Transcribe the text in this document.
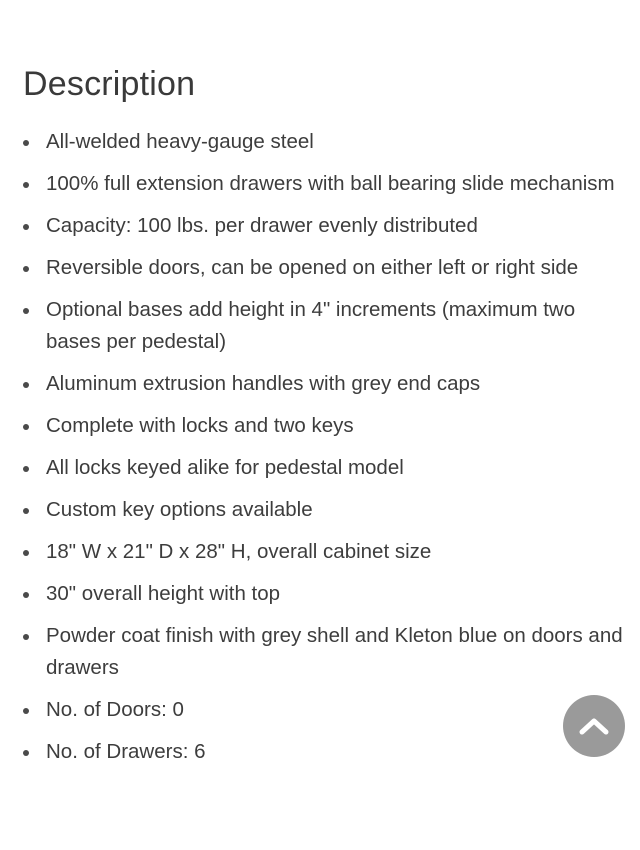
Description
All-welded heavy-gauge steel
100% full extension drawers with ball bearing slide mechanism
Capacity: 100 lbs. per drawer evenly distributed
Reversible doors, can be opened on either left or right side
Optional bases add height in 4" increments (maximum two bases per pedestal)
Aluminum extrusion handles with grey end caps
Complete with locks and two keys
All locks keyed alike for pedestal model
Custom key options available
18" W x 21" D x 28" H, overall cabinet size
30" overall height with top
Powder coat finish with grey shell and Kleton blue on doors and drawers
No. of Doors: 0
No. of Drawers: 6
